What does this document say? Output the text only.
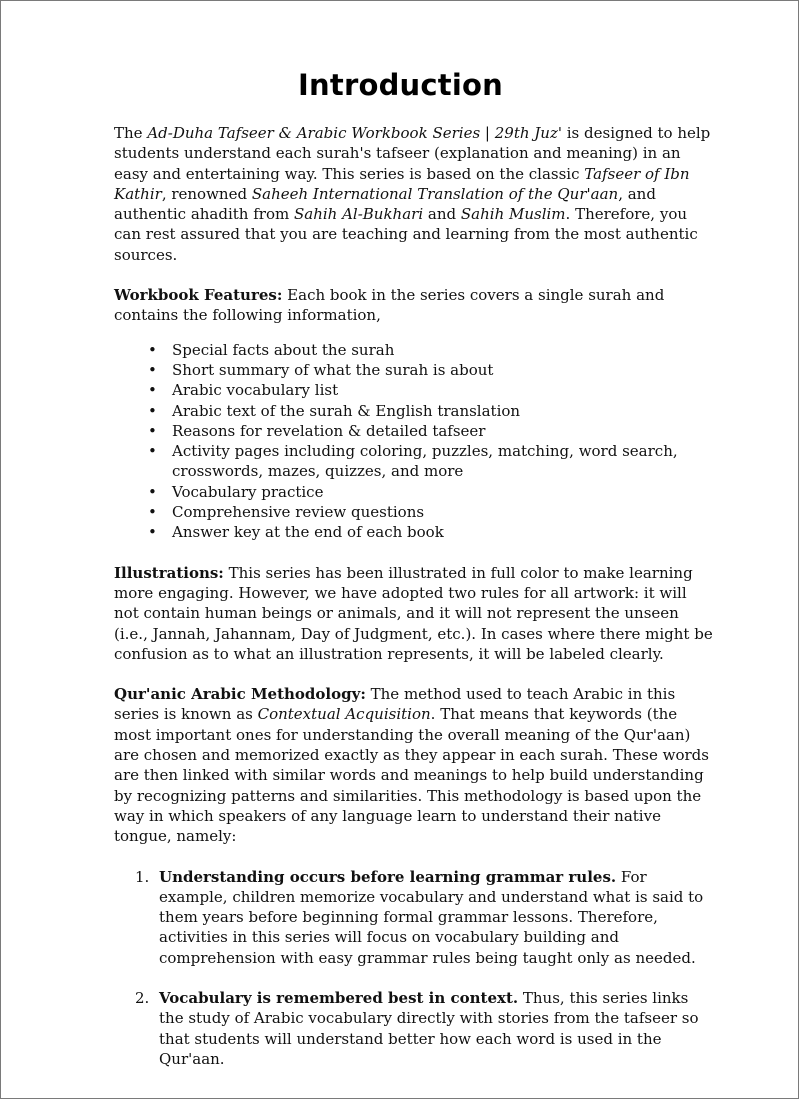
Introduction

The Ad-Duha Tafseer & Arabic Workbook Series | 29th Juz' is designed to help students understand each surah's tafseer (explanation and meaning) in an easy and entertaining way. This series is based on the classic Tafseer of Ibn Kathir, renowned Saheeh International Translation of the Qur'aan, and authentic ahadith from Sahih Al-Bukhari and Sahih Muslim. Therefore, you can rest assured that you are teaching and learning from the most authentic sources.

Workbook Features: Each book in the series covers a single surah and contains the following information,

• Special facts about the surah
• Short summary of what the surah is about
• Arabic vocabulary list
• Arabic text of the surah & English translation
• Reasons for revelation & detailed tafseer
• Activity pages including coloring, puzzles, matching, word search, crosswords, mazes, quizzes, and more
• Vocabulary practice
• Comprehensive review questions
• Answer key at the end of each book

Illustrations: This series has been illustrated in full color to make learning more engaging. However, we have adopted two rules for all artwork: it will not contain human beings or animals, and it will not represent the unseen (i.e., Jannah, Jahannam, Day of Judgment, etc.). In cases where there might be confusion as to what an illustration represents, it will be labeled clearly.

Qur'anic Arabic Methodology: The method used to teach Arabic in this series is known as Contextual Acquisition. That means that keywords (the most important ones for understanding the overall meaning of the Qur'aan) are chosen and memorized exactly as they appear in each surah. These words are then linked with similar words and meanings to help build understanding by recognizing patterns and similarities. This methodology is based upon the way in which speakers of any language learn to understand their native tongue, namely:

1. Understanding occurs before learning grammar rules. For example, children memorize vocabulary and understand what is said to them years before beginning formal grammar lessons. Therefore, activities in this series will focus on vocabulary building and comprehension with easy grammar rules being taught only as needed.
2. Vocabulary is remembered best in context. Thus, this series links the study of Arabic vocabulary directly with stories from the tafseer so that students will understand better how each word is used in the Qur'aan.
